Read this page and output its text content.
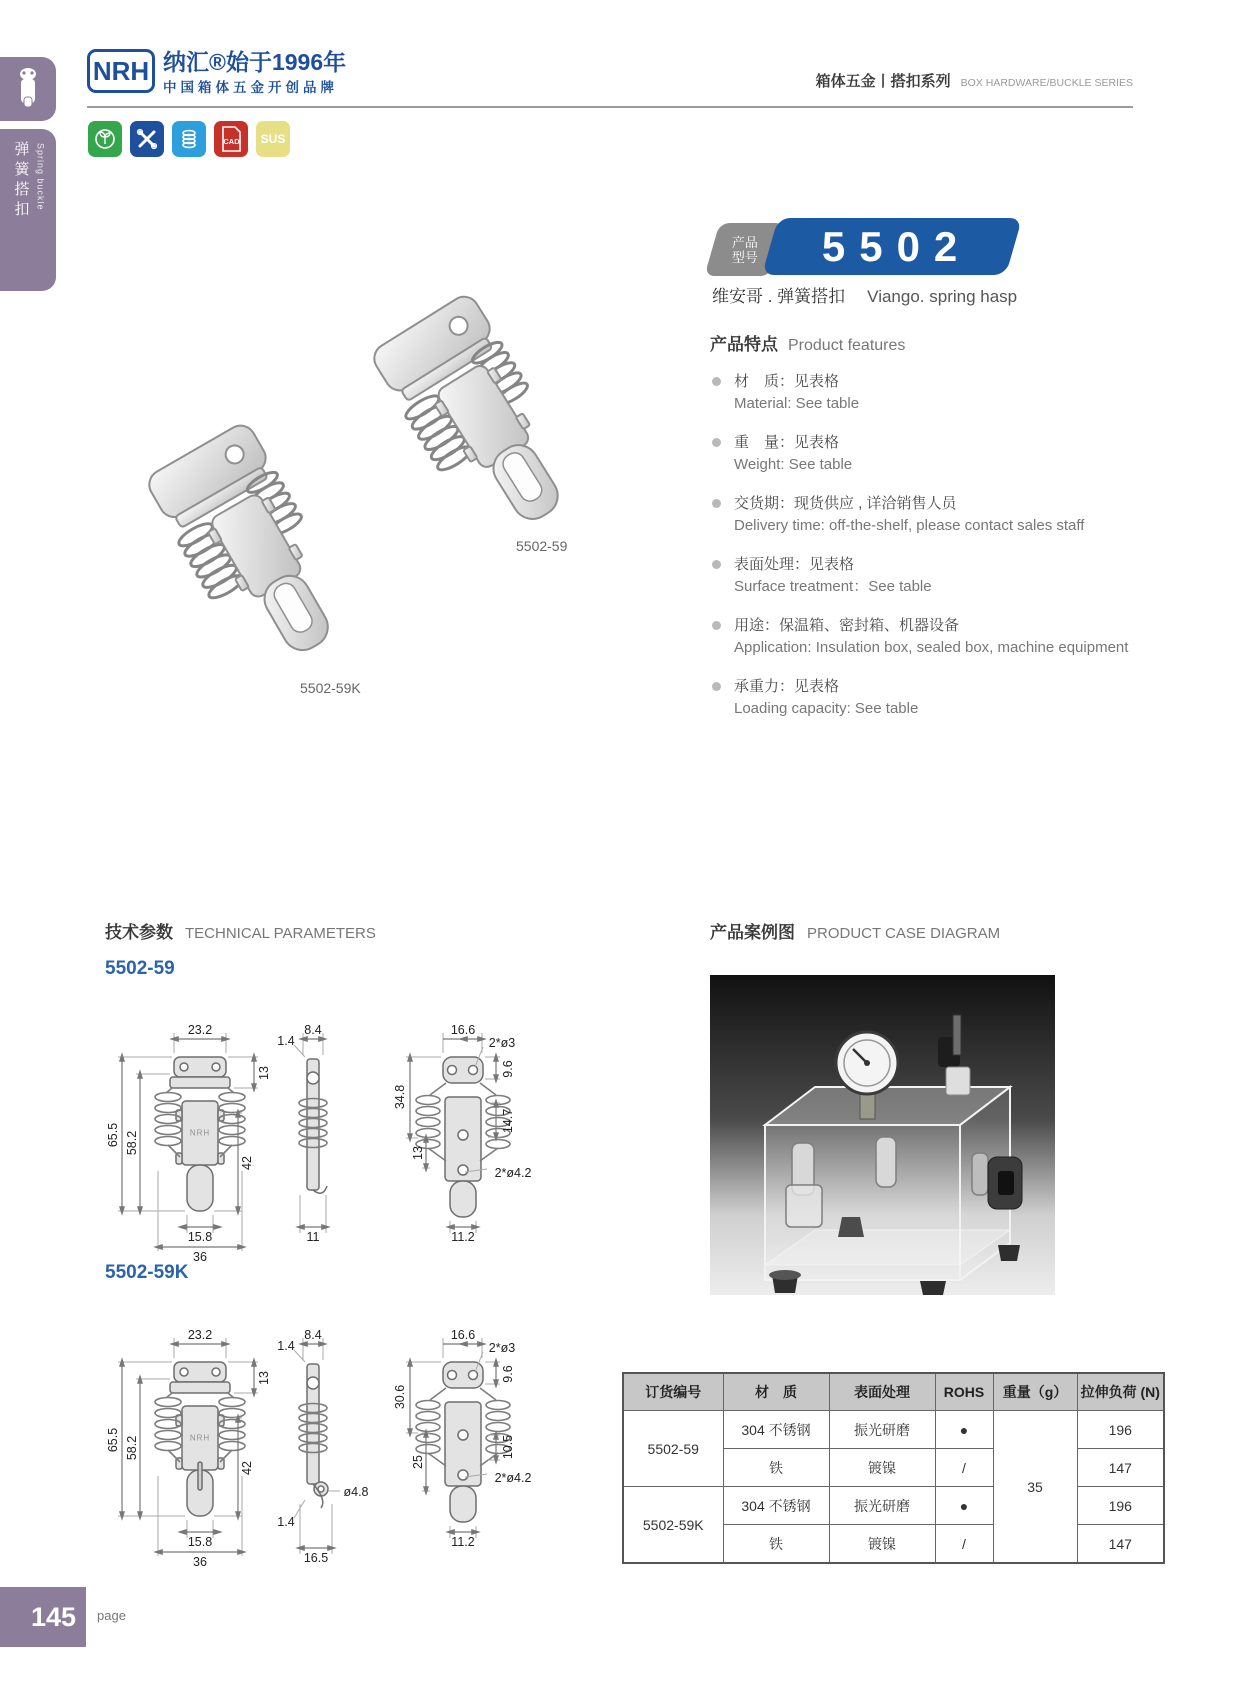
弹簧搭扣 Spring buckle
NRH 纳汇®始于1996年
中国箱体五金开创品牌	箱体五金丨搭扣系列 BOX HARDWARE/BUCKLE SERIES
CAD SUS
产品
型号 5502
维安哥 . 弹簧搭扣 Viango. spring hasp
产品特点 Product features
材　质：见表格
Material: See table
重　量：见表格
Weight: See table
交货期：现货供应 , 详洽销售人员
Delivery time: off-the-shelf, please contact sales staff
表面处理：见表格
Surface treatment：See table
用途：保温箱、密封箱、机器设备
Application: Insulation box, sealed box, machine equipment
承重力：见表格
Loading capacity: See table
5502-59
5502-59K
技术参数 TECHNICAL PARAMETERS	产品案例图 PRODUCT CASE DIAGRAM
5502-59
5502-59K
NRH
23.2
13
65.5 58.2
42
15.8
36
8.4
1.4
11
16.6
2*ø3
9.6
34.8
13
14.7
2*ø4.2
11.2
NRH
23.2
13
65.5 58.2
42
15.8
36
8.4
1.4
1.4
16.5
ø4.8
16.6
2*ø3
9.6
30.6
25
10.5
2*ø4.2
11.2
订货编号	材　质	表面处理	ROHS	重量（g）	拉伸负荷 (N)
5502-59	304 不锈钢	振光研磨	●	35	196
	铁	镀镍	/		147
5502-59K	304 不锈钢	振光研磨	●		196
	铁	镀镍	/		147
145	page
